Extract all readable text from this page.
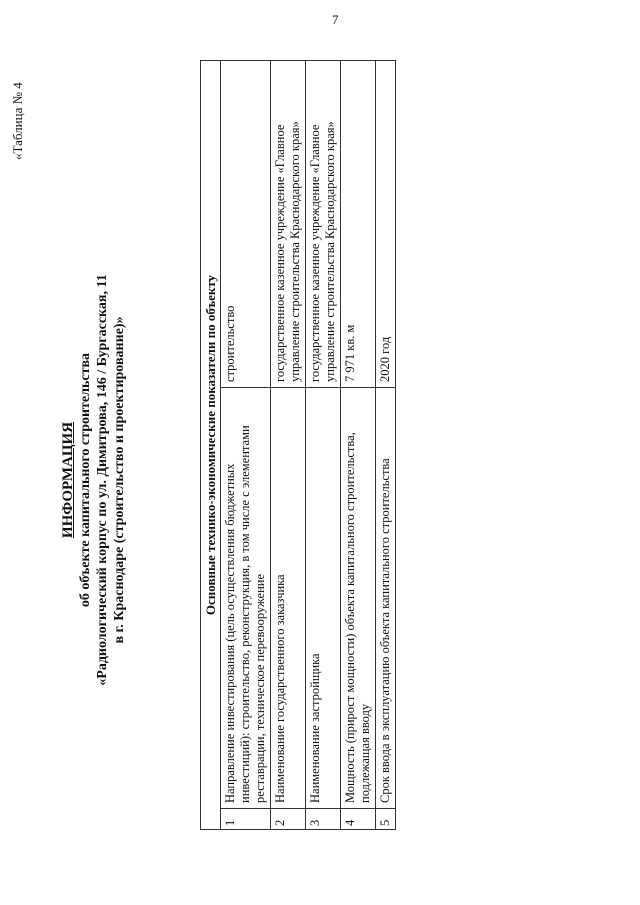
7
«Таблица № 4
ИНФОРМАЦИЯ об объекте капитального строительства «Радиологический корпус по ул. Димитрова, 146 / Бургасская, 11 в г. Краснодаре (строительство и проектирование)»	Основные технико-экономические показатели по объекту		
1	Направление инвестирования (цель осуществления бюджетных инвестиций): строительство, реконструкция, в том числе с элементами реставрации, техническое перевооружение	строительство
2	Наименование государственного заказчика	государственное казенное учреждение «Главное управление строительства Краснодарского края»
3	Наименование застройщика	государственное казенное учреждение «Главное управление строительства Краснодарского края»
4	Мощность (прирост мощности) объекта капитального строительства, подлежащая вводу	7 971 кв. м
5	Срок ввода в эксплуатацию объекта капитального строительства	2020 год
